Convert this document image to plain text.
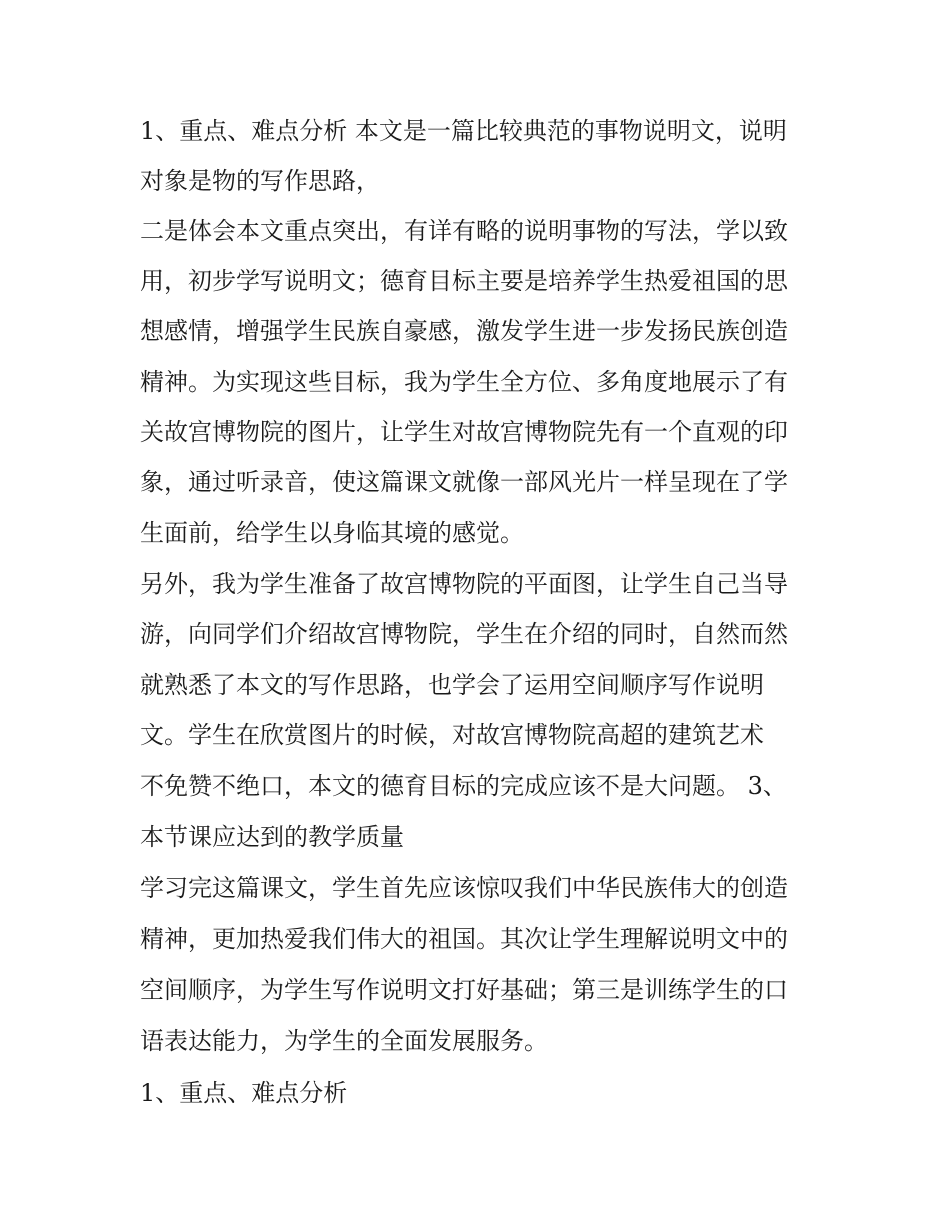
1、重点、难点分析 本文是一篇比较典范的事物说明文，说明

对象是物的写作思路，

二是体会本文重点突出，有详有略的说明事物的写法，学以致

用，初步学写说明文；德育目标主要是培养学生热爱祖国的思

想感情，增强学生民族自豪感，激发学生进一步发扬民族创造

精神。为实现这些目标，我为学生全方位、多角度地展示了有

关故宫博物院的图片，让学生对故宫博物院先有一个直观的印

象，通过听录音，使这篇课文就像一部风光片一样呈现在了学

生面前，给学生以身临其境的感觉。

另外，我为学生准备了故宫博物院的平面图，让学生自己当导

游，向同学们介绍故宫博物院，学生在介绍的同时，自然而然

就熟悉了本文的写作思路，也学会了运用空间顺序写作说明

文。学生在欣赏图片的时候，对故宫博物院高超的建筑艺术

不免赞不绝口，本文的德育目标的完成应该不是大问题。 3、

本节课应达到的教学质量

学习完这篇课文，学生首先应该惊叹我们中华民族伟大的创造

精神，更加热爱我们伟大的祖国。其次让学生理解说明文中的

空间顺序，为学生写作说明文打好基础；第三是训练学生的口

语表达能力，为学生的全面发展服务。

1、重点、难点分析
